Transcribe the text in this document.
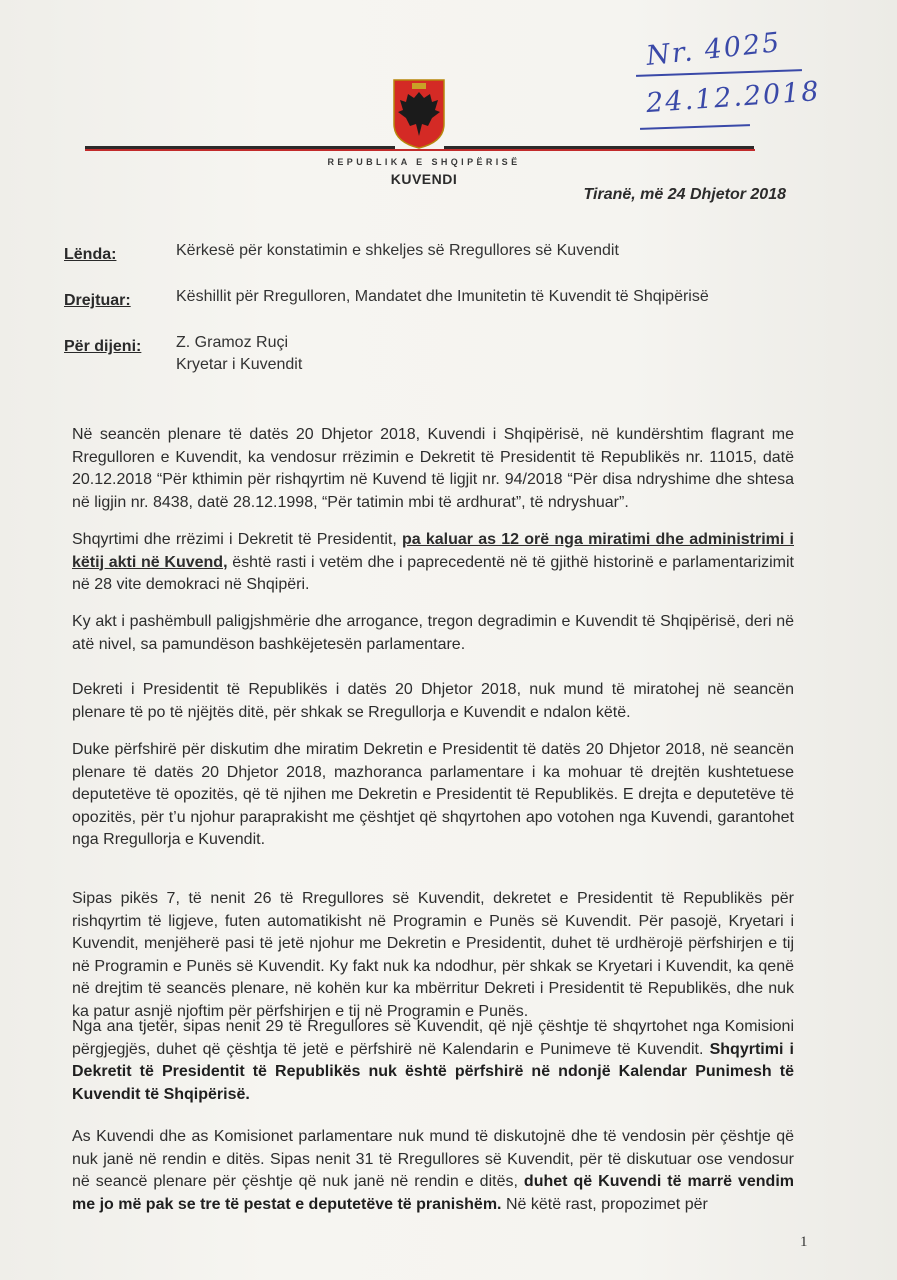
Nr. 4025
24.12.2018
REPUBLIKA E SHQIPËRISË
KUVENDI
Tiranë, më 24 Dhjetor 2018
Lënda:	Kërkesë për konstatimin e shkeljes së Rregullores së Kuvendit
Drejtuar:	Këshillit për Rregulloren, Mandatet dhe Imunitetin të Kuvendit të Shqipërisë
Për dijeni: Z. Gramoz Ruçi
Kryetar i Kuvendit
Në seancën plenare të datës 20 Dhjetor 2018, Kuvendi i Shqipërisë, në kundërshtim flagrant me Rregulloren e Kuvendit, ka vendosur rrëzimin e Dekretit të Presidentit të Republikës nr. 11015, datë 20.12.2018 “Për kthimin për rishqyrtim në Kuvend të ligjit nr. 94/2018 “Për disa ndryshime dhe shtesa në ligjin nr. 8438, datë 28.12.1998, “Për tatimin mbi të ardhurat”, të ndryshuar”.
Shqyrtimi dhe rrëzimi i Dekretit të Presidentit, pa kaluar as 12 orë nga miratimi dhe administrimi i këtij akti në Kuvend, është rasti i vetëm dhe i paprecedentë në të gjithë historinë e parlamentarizimit në 28 vite demokraci në Shqipëri.
Ky akt i pashëmbull paligjshmërie dhe arrogance, tregon degradimin e Kuvendit të Shqipërisë, deri në atë nivel, sa pamundëson bashkëjetesën parlamentare.
Dekreti i Presidentit të Republikës i datës 20 Dhjetor 2018, nuk mund të miratohej në seancën plenare të po të njëjtës ditë, për shkak se Rregullorja e Kuvendit e ndalon këtë.
Duke përfshirë për diskutim dhe miratim Dekretin e Presidentit të datës 20 Dhjetor 2018, në seancën plenare të datës 20 Dhjetor 2018, mazhoranca parlamentare i ka mohuar të drejtën kushtetuese deputetëve të opozitës, që të njihen me Dekretin e Presidentit të Republikës. E drejta e deputetëve të opozitës, për t’u njohur paraprakisht me çështjet që shqyrtohen apo votohen nga Kuvendi, garantohet nga Rregullorja e Kuvendit.
Sipas pikës 7, të nenit 26 të Rregullores së Kuvendit, dekretet e Presidentit të Republikës për rishqyrtim të ligjeve, futen automatikisht në Programin e Punës së Kuvendit. Për pasojë, Kryetari i Kuvendit, menjëherë pasi të jetë njohur me Dekretin e Presidentit, duhet të urdhërojë përfshirjen e tij në Programin e Punës së Kuvendit. Ky fakt nuk ka ndodhur, për shkak se Kryetari i Kuvendit, ka qenë në drejtim të seancës plenare, në kohën kur ka mbërritur Dekreti i Presidentit të Republikës, dhe nuk ka patur asnjë njoftim për përfshirjen e tij në Programin e Punës.
Nga ana tjetër, sipas nenit 29 të Rregullores së Kuvendit, që një çështje të shqyrtohet nga Komisioni përgjegjës, duhet që çështja të jetë e përfshirë në Kalendarin e Punimeve të Kuvendit. Shqyrtimi i Dekretit të Presidentit të Republikës nuk është përfshirë në ndonjë Kalendar Punimesh të Kuvendit të Shqipërisë.
As Kuvendi dhe as Komisionet parlamentare nuk mund të diskutojnë dhe të vendosin për çështje që nuk janë në rendin e ditës. Sipas nenit 31 të Rregullores së Kuvendit, për të diskutuar ose vendosur në seancë plenare për çështje që nuk janë në rendin e ditës, duhet që Kuvendi të marrë vendim me jo më pak se tre të pestat e deputetëve të pranishëm. Në këtë rast, propozimet për
1
